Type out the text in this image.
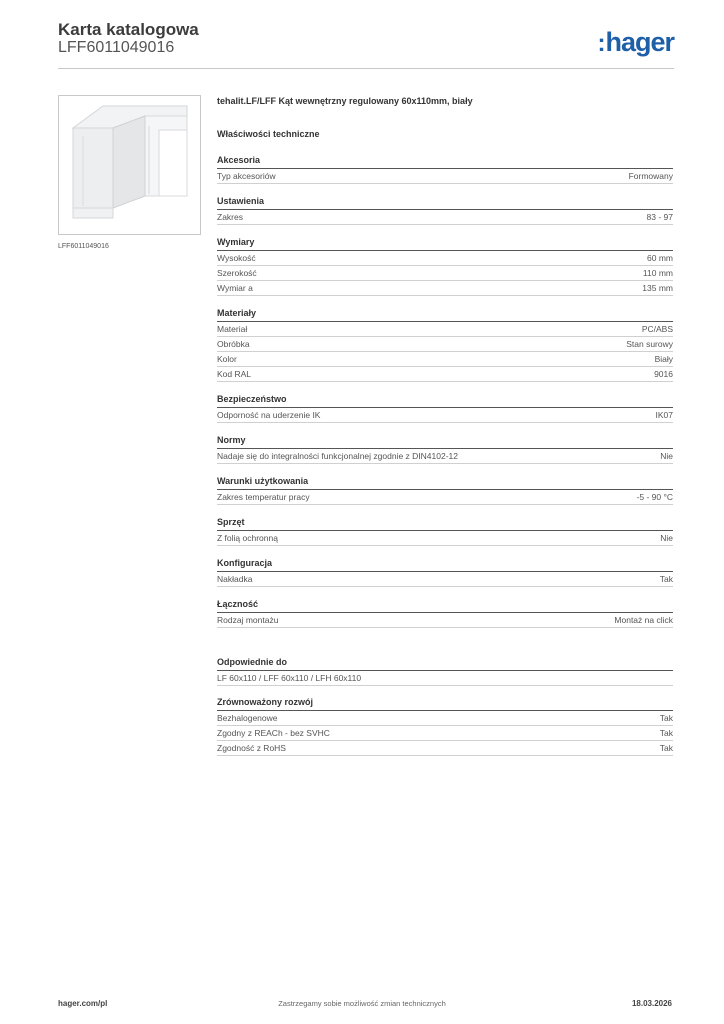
Karta katalogowa
LFF6011049016	:hager
LFF6011049016
tehalit.LF/LFF Kąt wewnętrzny regulowany 60x110mm, biały
Właściwości techniczne
Akcesoria
Typ akcesoriów	Formowany
Ustawienia
Zakres	83 - 97
Wymiary
Wysokość	60 mm
Szerokość	110 mm
Wymiar a	135 mm
Materiały
Materiał	PC/ABS
Obróbka	Stan surowy
Kolor	Biały
Kod RAL	9016
Bezpieczeństwo
Odporność na uderzenie IK	IK07
Normy
Nadaje się do integralności funkcjonalnej zgodnie z DIN4102-12	Nie
Warunki użytkowania
Zakres temperatur pracy	-5 - 90 °C
Sprzęt
Z folią ochronną	Nie
Konfiguracja
Nakładka	Tak
Łączność
Rodzaj montażu	Montaż na click
Odpowiednie do
LF 60x110 / LFF 60x110 / LFH 60x110
Zrównoważony rozwój
Bezhalogenowe	Tak
Zgodny z REACh - bez SVHC	Tak
Zgodność z RoHS	Tak
hager.com/pl	Zastrzegamy sobie możliwość zmian technicznych	18.03.2026
